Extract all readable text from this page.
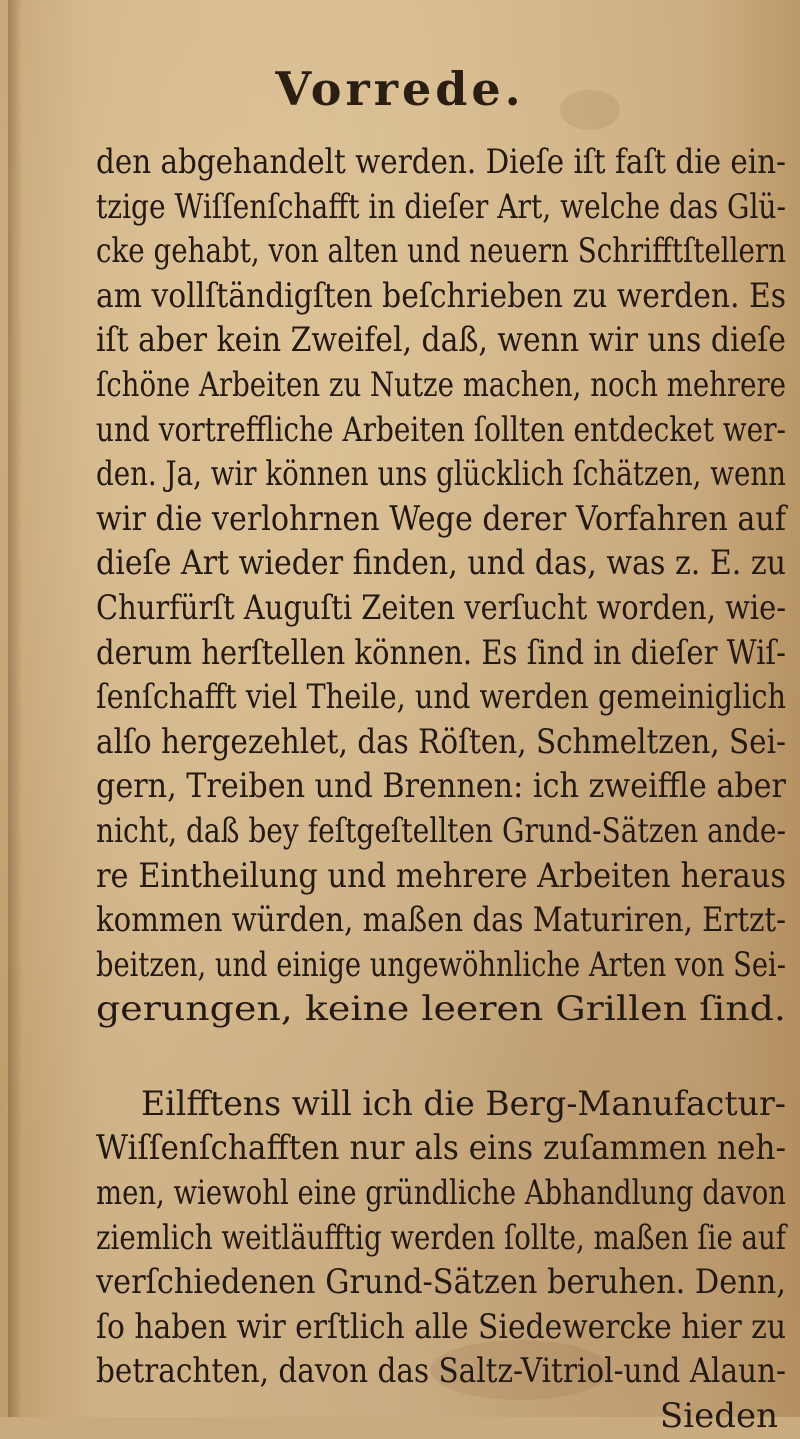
Vorrede.
den abgehandelt werden. Dieſe iſt faſt die ein-
tzige Wiſſenſchafft in dieſer Art, welche das Glü-
cke gehabt, von alten und neuern Schrifftſtellern
am vollſtändigſten beſchrieben zu werden. Es
iſt aber kein Zweifel, daß, wenn wir uns dieſe
ſchöne Arbeiten zu Nutze machen, noch mehrere
und vortreffliche Arbeiten ſollten entdecket wer-
den. Ja, wir können uns glücklich ſchätzen, wenn
wir die verlohrnen Wege derer Vorfahren auf
dieſe Art wieder finden, und das, was z. E. zu
Churfürſt Auguſti Zeiten verſucht worden, wie-
derum herſtellen können. Es ſind in dieſer Wiſ-
ſenſchafft viel Theile, und werden gemeiniglich
alſo hergezehlet, das Röſten, Schmeltzen, Sei-
gern, Treiben und Brennen: ich zweiffle aber
nicht, daß bey feſtgeſtellten Grund-Sätzen ande-
re Eintheilung und mehrere Arbeiten heraus
kommen würden, maßen das Maturiren, Ertzt-
beitzen, und einige ungewöhnliche Arten von Sei-
gerungen, keine leeren Grillen ſind.
Eilfftens will ich die Berg-Manufactur-
Wiſſenſchafften nur als eins zuſammen neh-
men, wiewohl eine gründliche Abhandlung davon
ziemlich weitläufftig werden ſollte, maßen ſie auf
verſchiedenen Grund-Sätzen beruhen. Denn,
ſo haben wir erſtlich alle Siedewercke hier zu
betrachten, davon das Saltz-Vitriol-und Alaun-
Sieden
